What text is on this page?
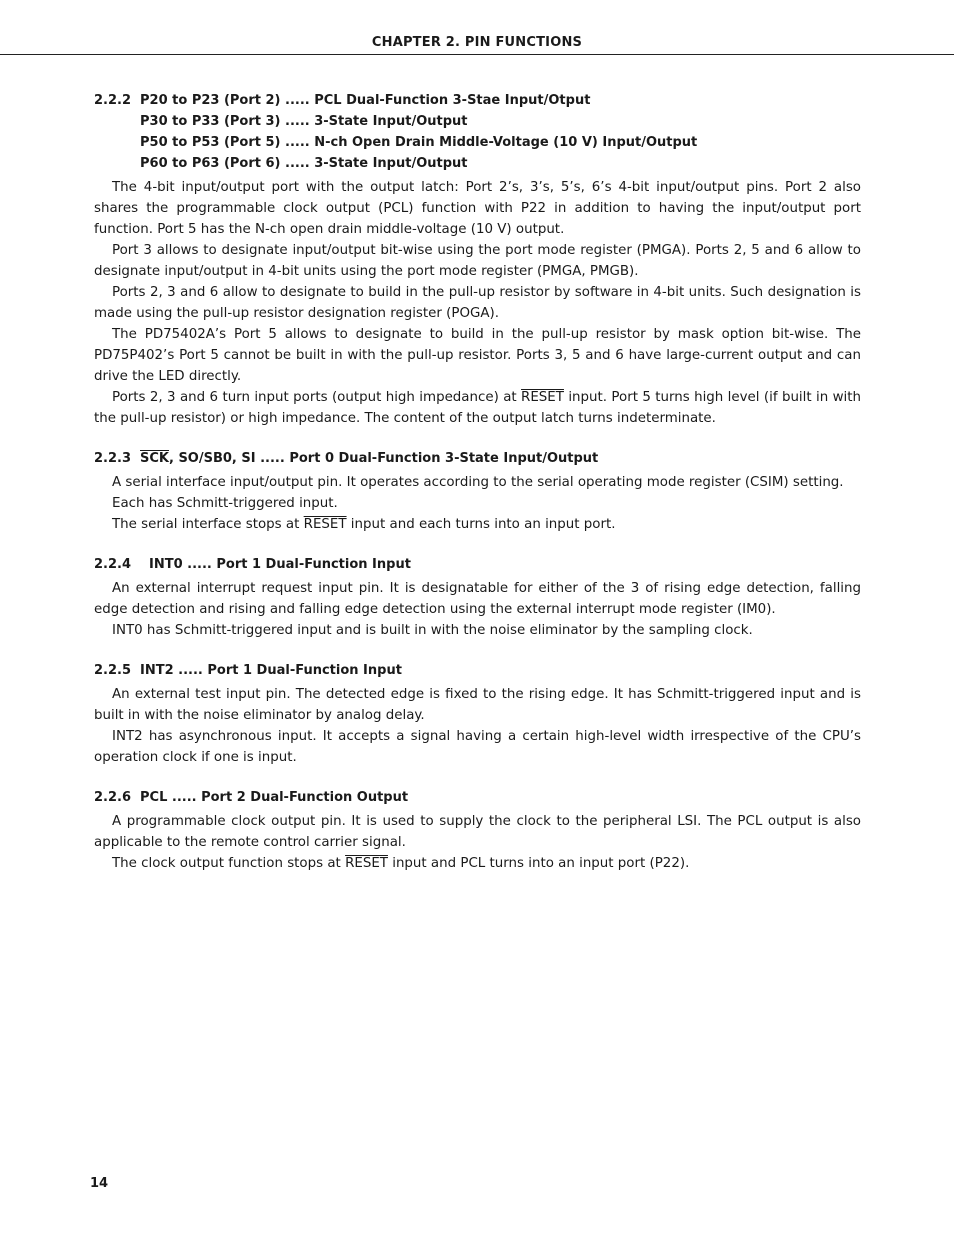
CHAPTER 2. PIN FUNCTIONS
2.2.2 P20 to P23 (Port 2) ..... PCL Dual-Function 3-Stae Input/Otput
P30 to P33 (Port 3) ..... 3-State Input/Output
P50 to P53 (Port 5) ..... N-ch Open Drain Middle-Voltage (10 V) Input/Output
P60 to P63 (Port 6) ..... 3-State Input/Output

The 4-bit input/output port with the output latch: Port 2’s, 3’s, 5’s, 6’s 4-bit input/output pins. Port 2 also shares the programmable clock output (PCL) function with P22 in addition to having the input/output port function. Port 5 has the N-ch open drain middle-voltage (10 V) output.

Port 3 allows to designate input/output bit-wise using the port mode register (PMGA). Ports 2, 5 and 6 allow to designate input/output in 4-bit units using the port mode register (PMGA, PMGB).

Ports 2, 3 and 6 allow to designate to build in the pull-up resistor by software in 4-bit units. Such designation is made using the pull-up resistor designation register (POGA).

The PD75402A’s Port 5 allows to designate to build in the pull-up resistor by mask option bit-wise. The PD75P402’s Port 5 cannot be built in with the pull-up resistor. Ports 3, 5 and 6 have large-current output and can drive the LED directly.

Ports 2, 3 and 6 turn input ports (output high impedance) at RESET input. Port 5 turns high level (if built in with the pull-up resistor) or high impedance. The content of the output latch turns indeterminate.

2.2.3 $\overline{SCK}$, SO/SB0, SI ..... Port 0 Dual-Function 3-State Input/Output

A serial interface input/output pin. It operates according to the serial operating mode register (CSIM) setting.

Each has Schmitt-triggered input.

The serial interface stops at RESET input and each turns into an input port.

2.2.4 INT0 ..... Port 1 Dual-Function Input

An external interrupt request input pin. It is designatable for either of the 3 of rising edge detection, falling edge detection and rising and falling edge detection using the external interrupt mode register (IM0).

INT0 has Schmitt-triggered input and is built in with the noise eliminator by the sampling clock.

2.2.5 INT2 ..... Port 1 Dual-Function Input

An external test input pin. The detected edge is fixed to the rising edge. It has Schmitt-triggered input and is built in with the noise eliminator by analog delay.

INT2 has asynchronous input. It accepts a signal having a certain high-level width irrespective of the CPU’s operation clock if one is input.

2.2.6 PCL ..... Port 2 Dual-Function Output

A programmable clock output pin. It is used to supply the clock to the peripheral LSI. The PCL output is also applicable to the remote control carrier signal.

The clock output function stops at RESET input and PCL turns into an input port (P22).

14
